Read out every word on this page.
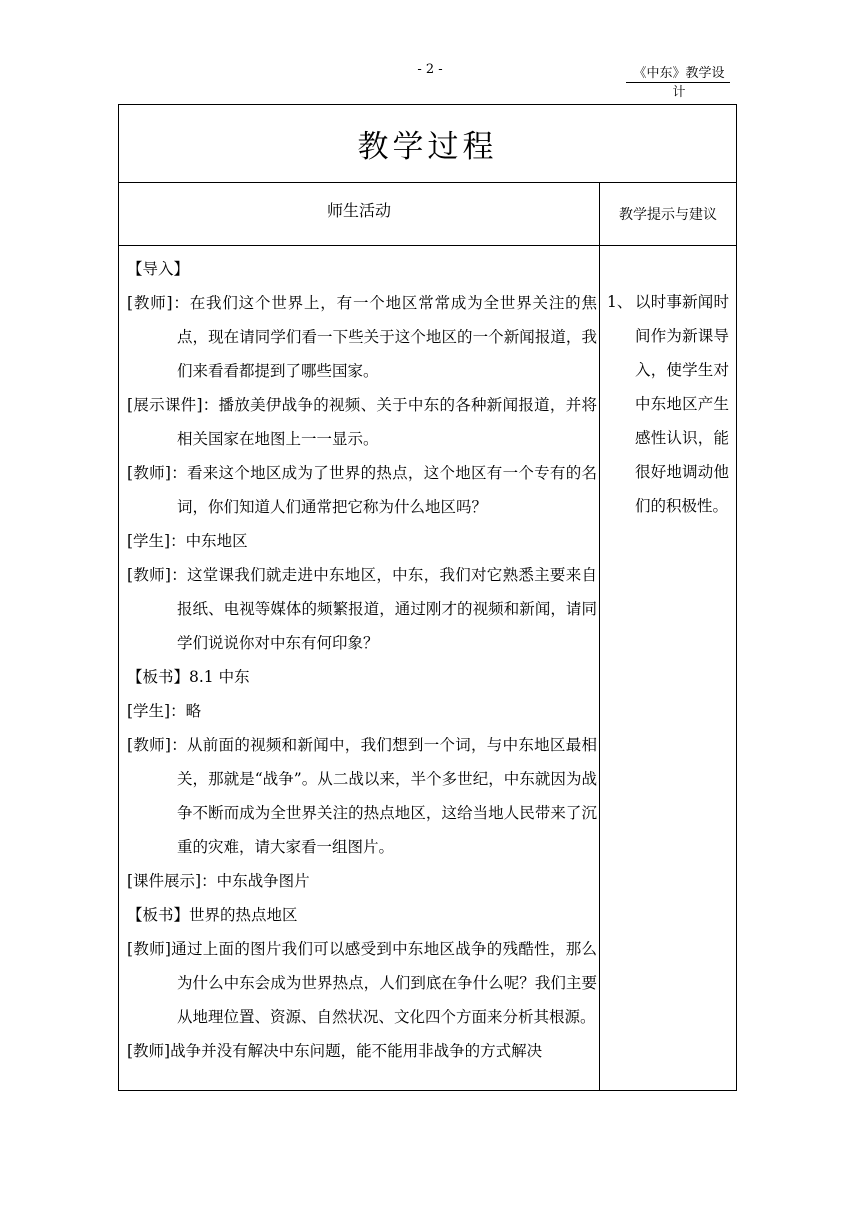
- 2 -	《中东》教学设计
教学过程
师生活动	教学提示与建议
【导入】
[教师]：在我们这个世界上，有一个地区常常成为全世界关注的焦点，现在请同学们看一下些关于这个地区的一个新闻报道，我们来看看都提到了哪些国家。
[展示课件]：播放美伊战争的视频、关于中东的各种新闻报道，并将相关国家在地图上一一显示。
[教师]：看来这个地区成为了世界的热点，这个地区有一个专有的名词，你们知道人们通常把它称为什么地区吗？
[学生]：中东地区
[教师]：这堂课我们就走进中东地区，中东，我们对它熟悉主要来自报纸、电视等媒体的频繁报道，通过刚才的视频和新闻，请同学们说说你对中东有何印象？
【板书】8.1 中东
[学生]：略
[教师]：从前面的视频和新闻中，我们想到一个词，与中东地区最相关，那就是“战争”。从二战以来，半个多世纪，中东就因为战争不断而成为全世界关注的热点地区，这给当地人民带来了沉重的灾难，请大家看一组图片。
[课件展示]：中东战争图片
【板书】世界的热点地区
[教师]通过上面的图片我们可以感受到中东地区战争的残酷性，那么为什么中东会成为世界热点，人们到底在争什么呢？我们主要从地理位置、资源、自然状况、文化四个方面来分析其根源。
[教师]战争并没有解决中东问题，能不能用非战争的方式解决
1、 以时事新闻时间作为新课导入，使学生对中东地区产生感性认识，能很好地调动他们的积极性。
